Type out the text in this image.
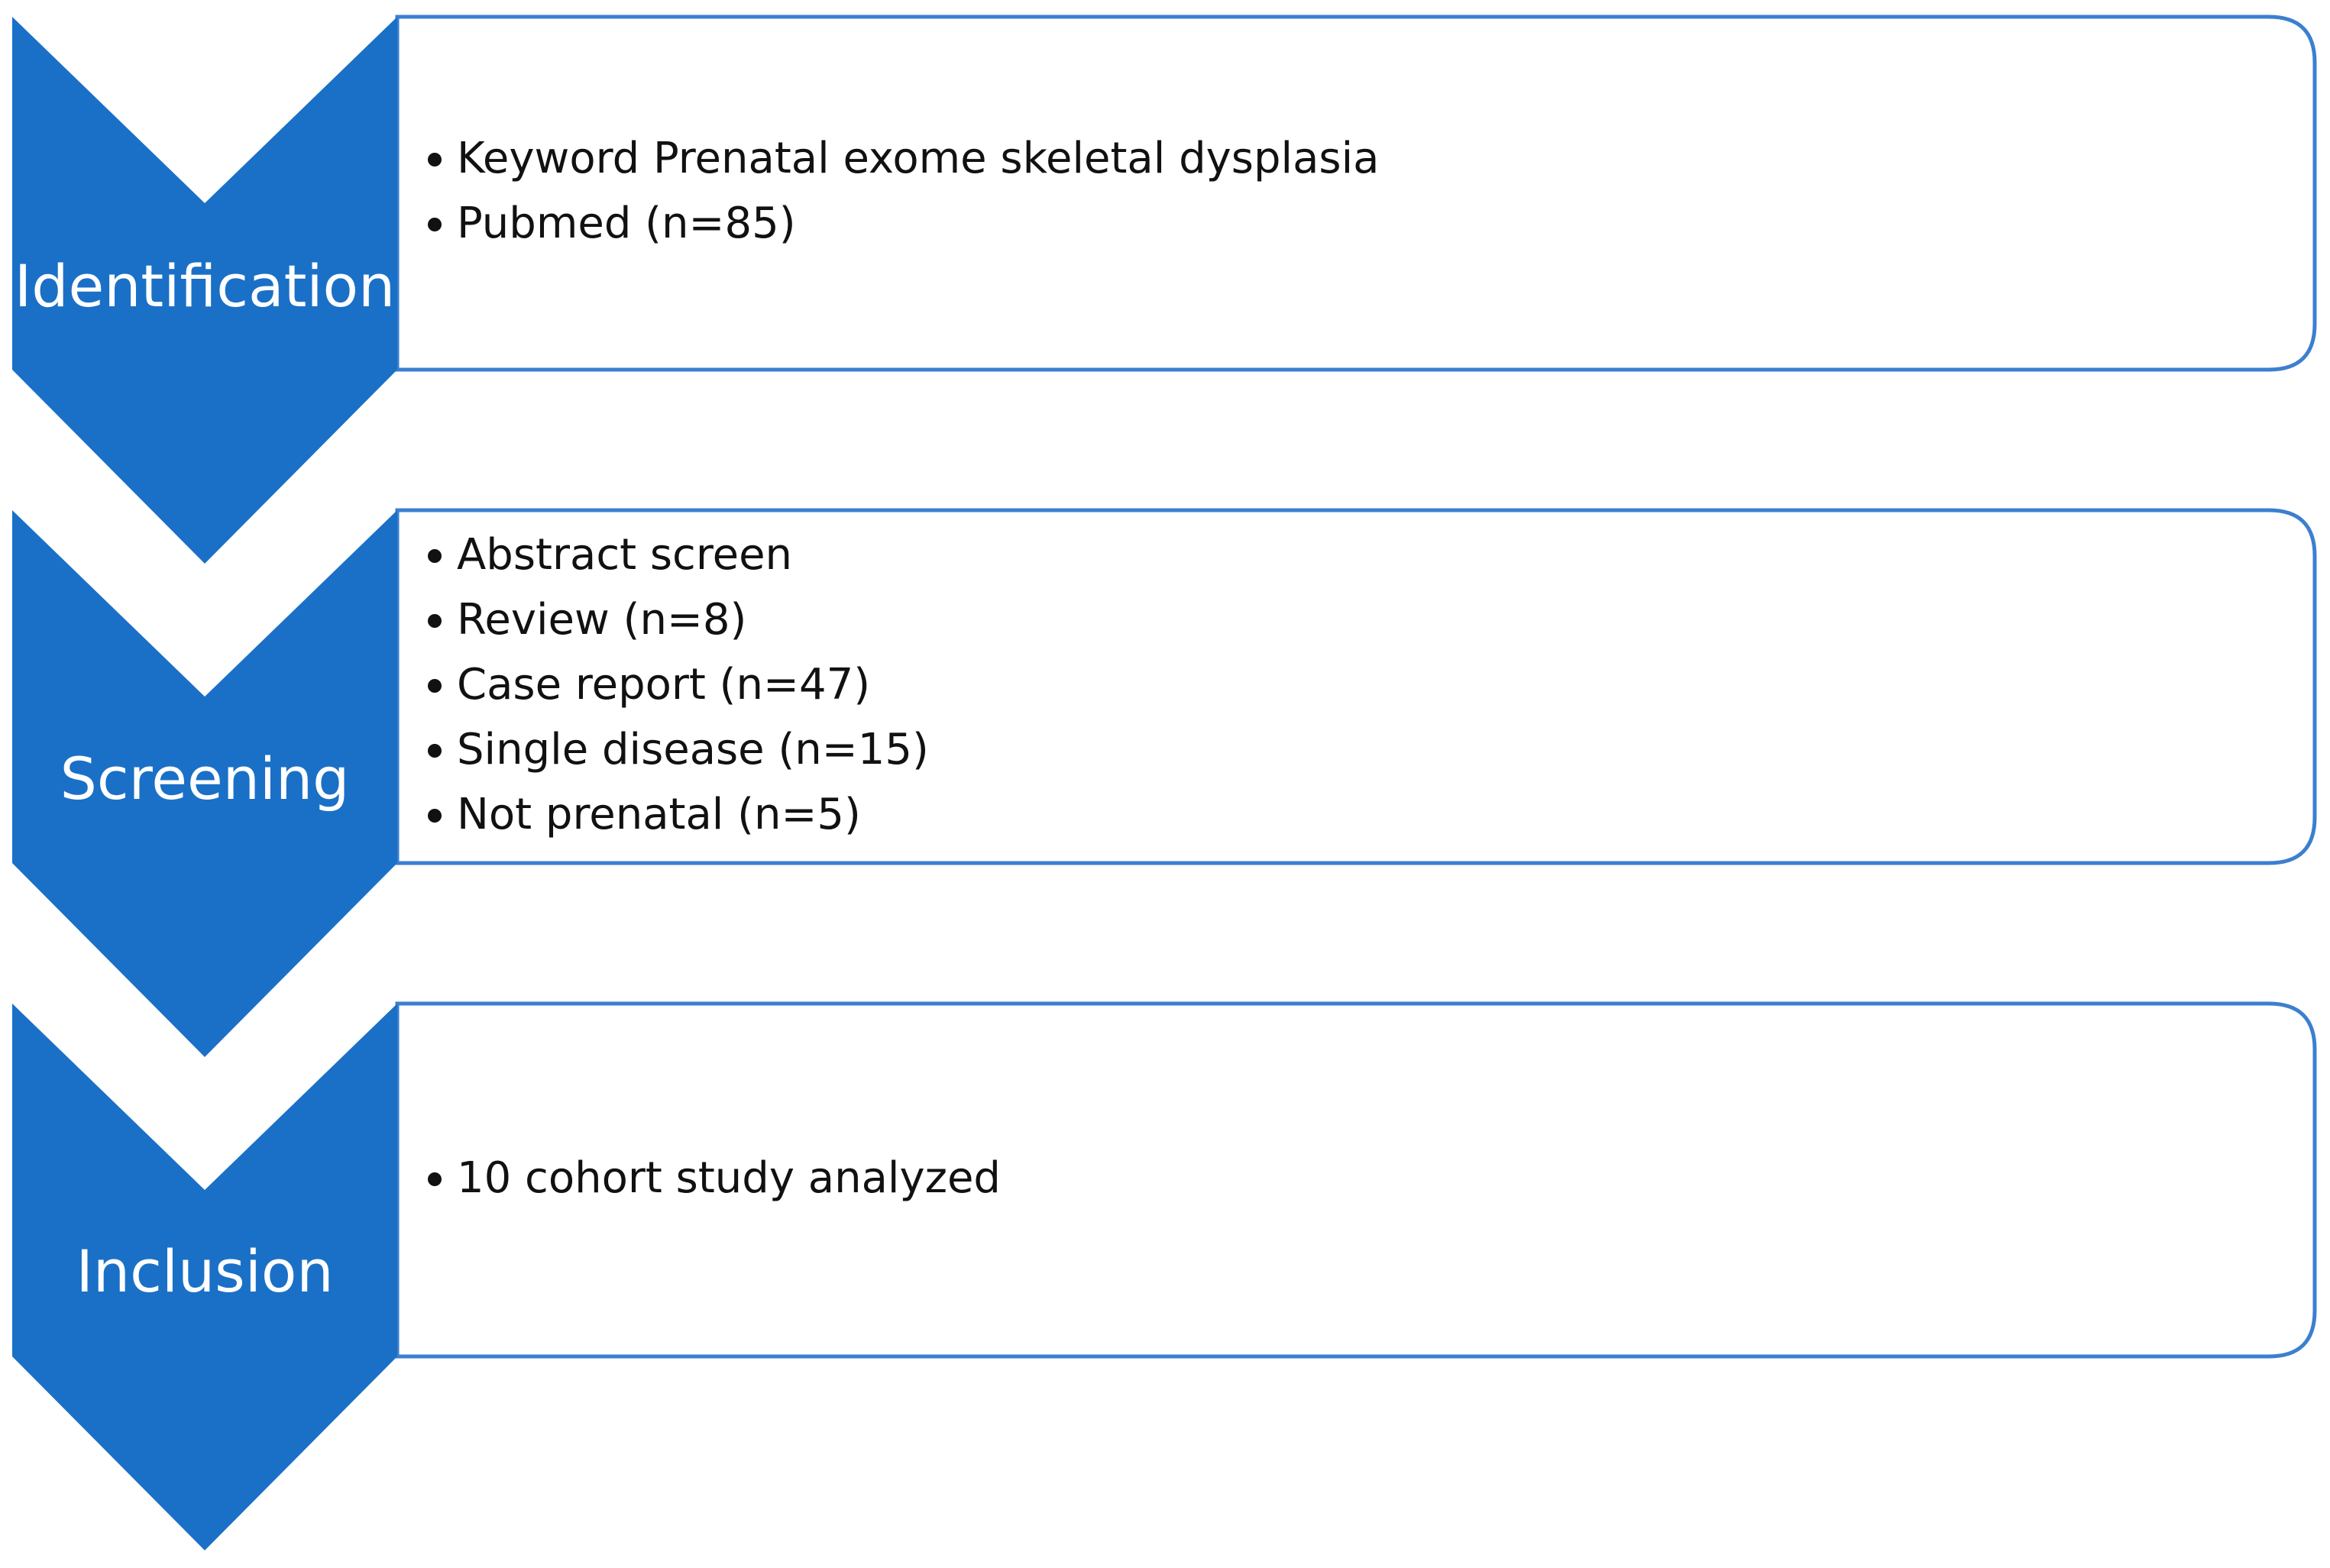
Identification
Screening
Inclusion
Keyword Prenatal exome skeletal dysplasia
Pubmed (n=85)
Abstract screen
Review (n=8)
Case report (n=47)
Single disease (n=15)
Not prenatal (n=5)
10 cohort study analyzed
